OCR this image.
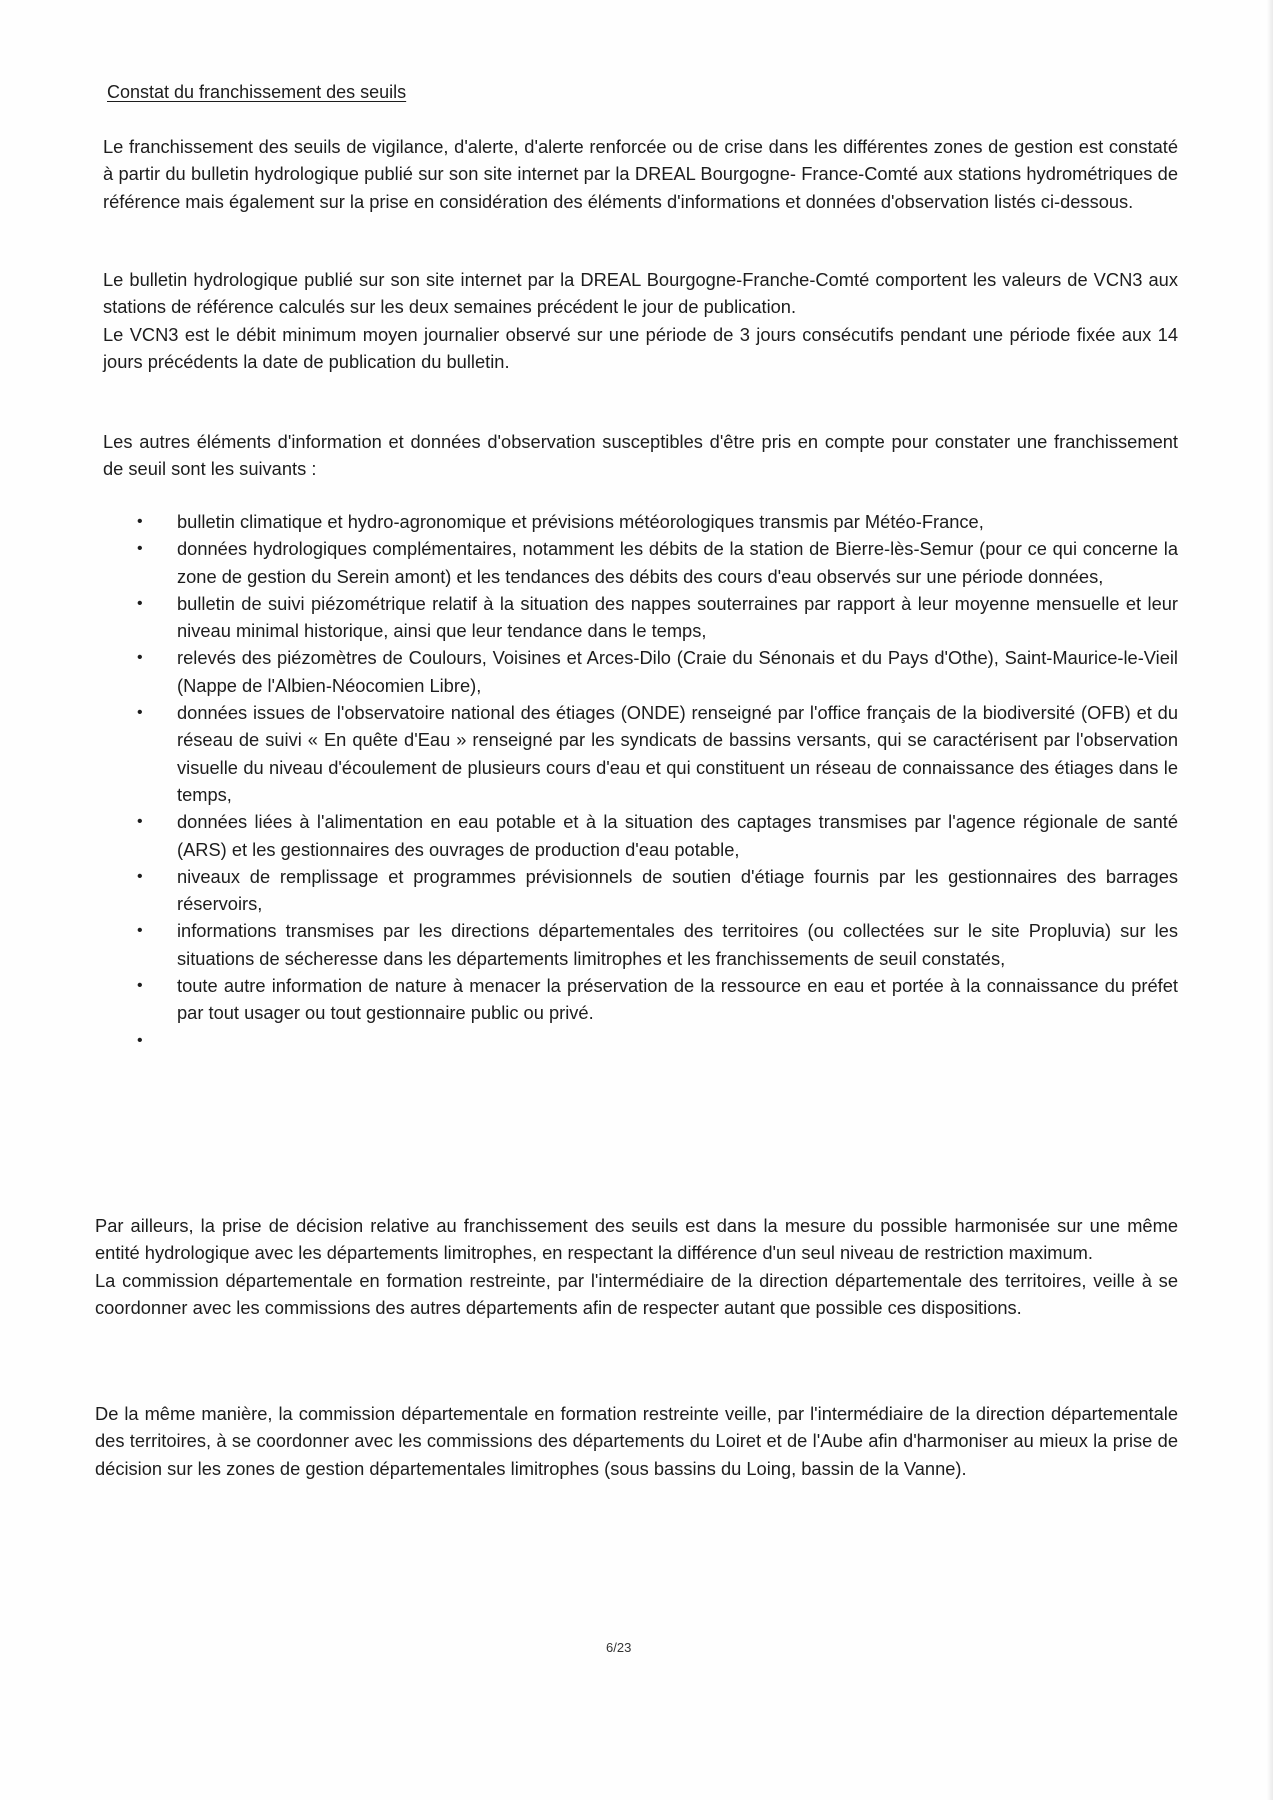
Constat du franchissement des seuils

Le franchissement des seuils de vigilance, d'alerte, d'alerte renforcée ou de crise dans les différentes zones de gestion est constaté à partir du bulletin hydrologique publié sur son site internet par la DREAL Bourgogne- France-Comté aux stations hydrométriques de référence mais également sur la prise en considération des éléments d'informations et données d'observation listés ci-dessous.

Le bulletin hydrologique publié sur son site internet par la DREAL Bourgogne-Franche-Comté comportent les valeurs de VCN3 aux stations de référence calculés sur les deux semaines précédent le jour de publication.
Le VCN3 est le débit minimum moyen journalier observé sur une période de 3 jours consécutifs pendant une période fixée aux 14 jours précédents la date de publication du bulletin.

Les autres éléments d'information et données d'observation susceptibles d'être pris en compte pour constater une franchissement de seuil sont les suivants :

• bulletin climatique et hydro-agronomique et prévisions météorologiques transmis par Météo-France,
• données hydrologiques complémentaires, notamment les débits de la station de Bierre-lès-Semur (pour ce qui concerne la zone de gestion du Serein amont) et les tendances des débits des cours d'eau observés sur une période données,
• bulletin de suivi piézométrique relatif à la situation des nappes souterraines par rapport à leur moyenne mensuelle et leur niveau minimal historique, ainsi que leur tendance dans le temps,
• relevés des piézomètres de Coulours, Voisines et Arces-Dilo (Craie du Sénonais et du Pays d'Othe), Saint-Maurice-le-Vieil (Nappe de l'Albien-Néocomien Libre),
• données issues de l'observatoire national des étiages (ONDE) renseigné par l'office français de la biodiversité (OFB) et du réseau de suivi « En quête d'Eau » renseigné par les syndicats de bassins versants, qui se caractérisent par l'observation visuelle du niveau d'écoulement de plusieurs cours d'eau et qui constituent un réseau de connaissance des étiages dans le temps,
• données liées à l'alimentation en eau potable et à la situation des captages transmises par l'agence régionale de santé (ARS) et les gestionnaires des ouvrages de production d'eau potable,
• niveaux de remplissage et programmes prévisionnels de soutien d'étiage fournis par les gestionnaires des barrages réservoirs,
• informations transmises par les directions départementales des territoires (ou collectées sur le site Propluvia) sur les situations de sécheresse dans les départements limitrophes et les franchissements de seuil constatés,
• toute autre information de nature à menacer la préservation de la ressource en eau et portée à la connaissance du préfet par tout usager ou tout gestionnaire public ou privé.
•
Par ailleurs, la prise de décision relative au franchissement des seuils est dans la mesure du possible harmonisée sur une même entité hydrologique avec les départements limitrophes, en respectant la différence d'un seul niveau de restriction maximum.
La commission départementale en formation restreinte, par l'intermédiaire de la direction départementale des territoires, veille à se coordonner avec les commissions des autres départements afin de respecter autant que possible ces dispositions.

De la même manière, la commission départementale en formation restreinte veille, par l'intermédiaire de la direction départementale des territoires, à se coordonner avec les commissions des départements du Loiret et de l'Aube afin d'harmoniser au mieux la prise de décision sur les zones de gestion départementales limitrophes (sous bassins du Loing, bassin de la Vanne).

6/23
